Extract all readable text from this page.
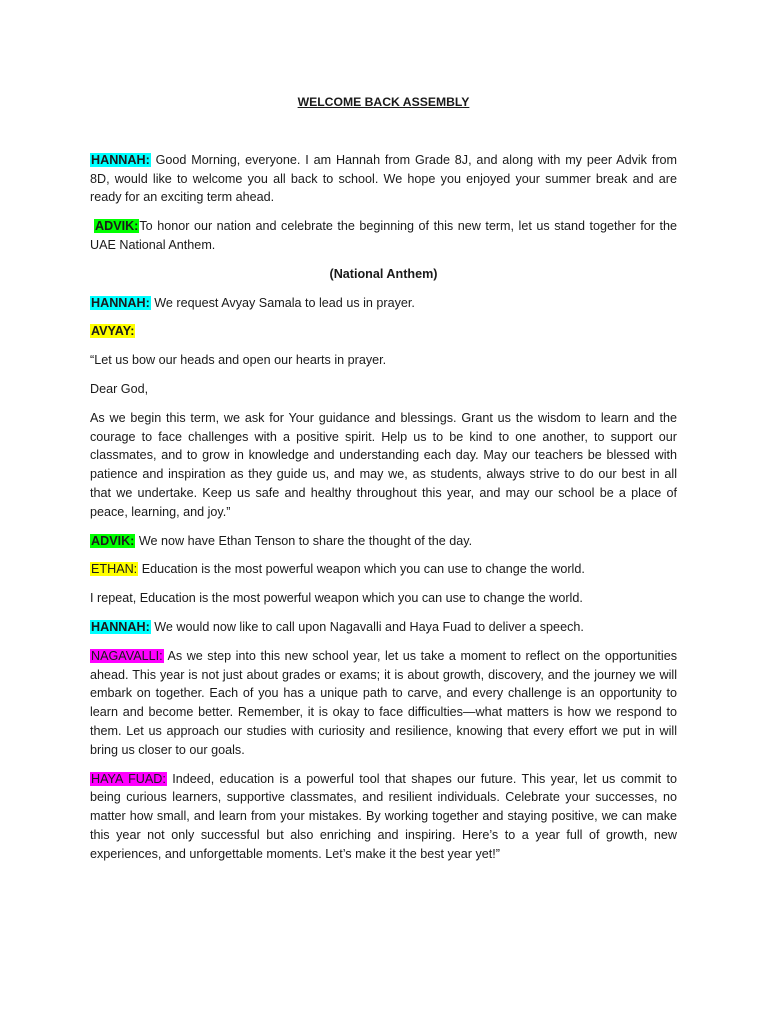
WELCOME BACK ASSEMBLY

HANNAH: Good Morning, everyone. I am Hannah from Grade 8J, and along with my peer Advik from 8D, would like to welcome you all back to school. We hope you enjoyed your summer break and are ready for an exciting term ahead.

ADVIK:To honor our nation and celebrate the beginning of this new term, let us stand together for the UAE National Anthem.

(National Anthem)

HANNAH: We request Avyay Samala to lead us in prayer.

AVYAY:

“Let us bow our heads and open our hearts in prayer.

Dear God,

As we begin this term, we ask for Your guidance and blessings. Grant us the wisdom to learn and the courage to face challenges with a positive spirit. Help us to be kind to one another, to support our classmates, and to grow in knowledge and understanding each day. May our teachers be blessed with patience and inspiration as they guide us, and may we, as students, always strive to do our best in all that we undertake. Keep us safe and healthy throughout this year, and may our school be a place of peace, learning, and joy.”

ADVIK: We now have Ethan Tenson to share the thought of the day.

ETHAN: Education is the most powerful weapon which you can use to change the world.

I repeat, Education is the most powerful weapon which you can use to change the world.

HANNAH: We would now like to call upon Nagavalli and Haya Fuad to deliver a speech.

NAGAVALLI: As we step into this new school year, let us take a moment to reflect on the opportunities ahead. This year is not just about grades or exams; it is about growth, discovery, and the journey we will embark on together. Each of you has a unique path to carve, and every challenge is an opportunity to learn and become better. Remember, it is okay to face difficulties—what matters is how we respond to them. Let us approach our studies with curiosity and resilience, knowing that every effort we put in will bring us closer to our goals.

HAYA FUAD: Indeed, education is a powerful tool that shapes our future. This year, let us commit to being curious learners, supportive classmates, and resilient individuals. Celebrate your successes, no matter how small, and learn from your mistakes. By working together and staying positive, we can make this year not only successful but also enriching and inspiring. Here’s to a year full of growth, new experiences, and unforgettable moments. Let’s make it the best year yet!”
